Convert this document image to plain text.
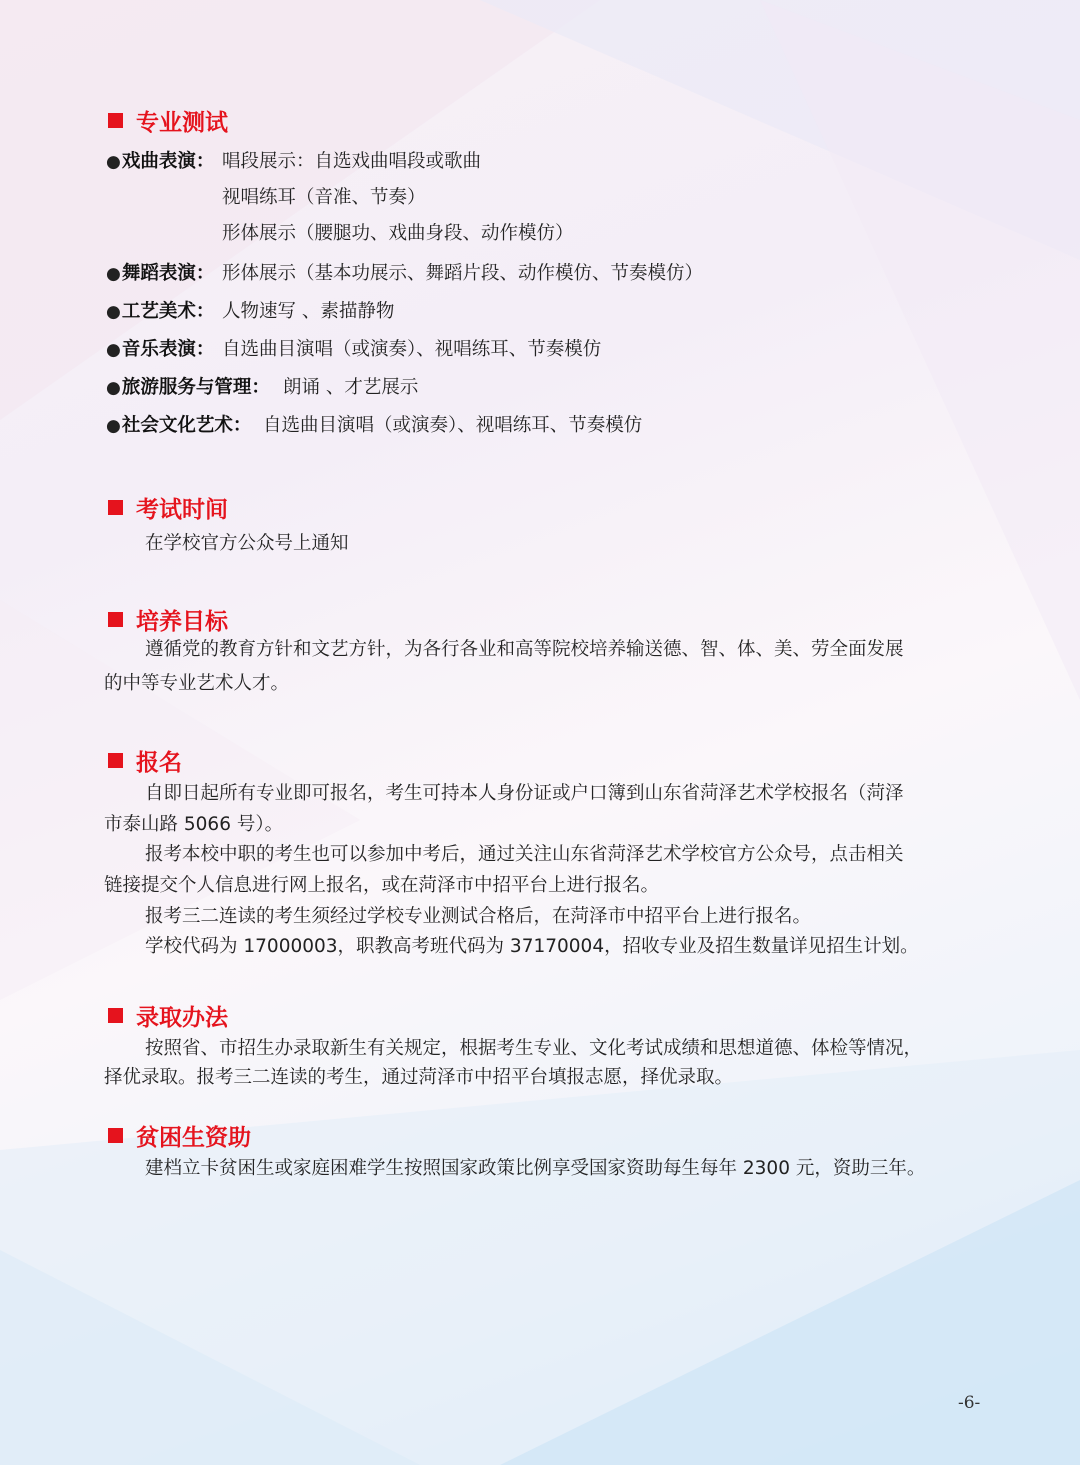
专业测试
●戏曲表演： 唱段展示：自选戏曲唱段或歌曲
视唱练耳（音准、节奏）
形体展示（腰腿功、戏曲身段、动作模仿）
●舞蹈表演： 形体展示（基本功展示、舞蹈片段、动作模仿、节奏模仿）
●工艺美术： 人物速写 、素描静物
●音乐表演： 自选曲目演唱（或演奏）、视唱练耳、节奏模仿
●旅游服务与管理： 朗诵 、才艺展示
●社会文化艺术： 自选曲目演唱（或演奏）、视唱练耳、节奏模仿
考试时间
在学校官方公众号上通知
培养目标
遵循党的教育方针和文艺方针，为各行各业和高等院校培养输送德、智、体、美、劳全面发展
的中等专业艺术人才。
报名
自即日起所有专业即可报名，考生可持本人身份证或户口簿到山东省菏泽艺术学校报名（菏泽
市泰山路 5066 号）。
报考本校中职的考生也可以参加中考后，通过关注山东省菏泽艺术学校官方公众号，点击相关
链接提交个人信息进行网上报名，或在菏泽市中招平台上进行报名。
报考三二连读的考生须经过学校专业测试合格后，在菏泽市中招平台上进行报名。
学校代码为 17000003，职教高考班代码为 37170004，招收专业及招生数量详见招生计划。
录取办法
按照省、市招生办录取新生有关规定，根据考生专业、文化考试成绩和思想道德、体检等情况，
择优录取。报考三二连读的考生，通过菏泽市中招平台填报志愿，择优录取。
贫困生资助
建档立卡贫困生或家庭困难学生按照国家政策比例享受国家资助每生每年 2300 元，资助三年。
-6-
